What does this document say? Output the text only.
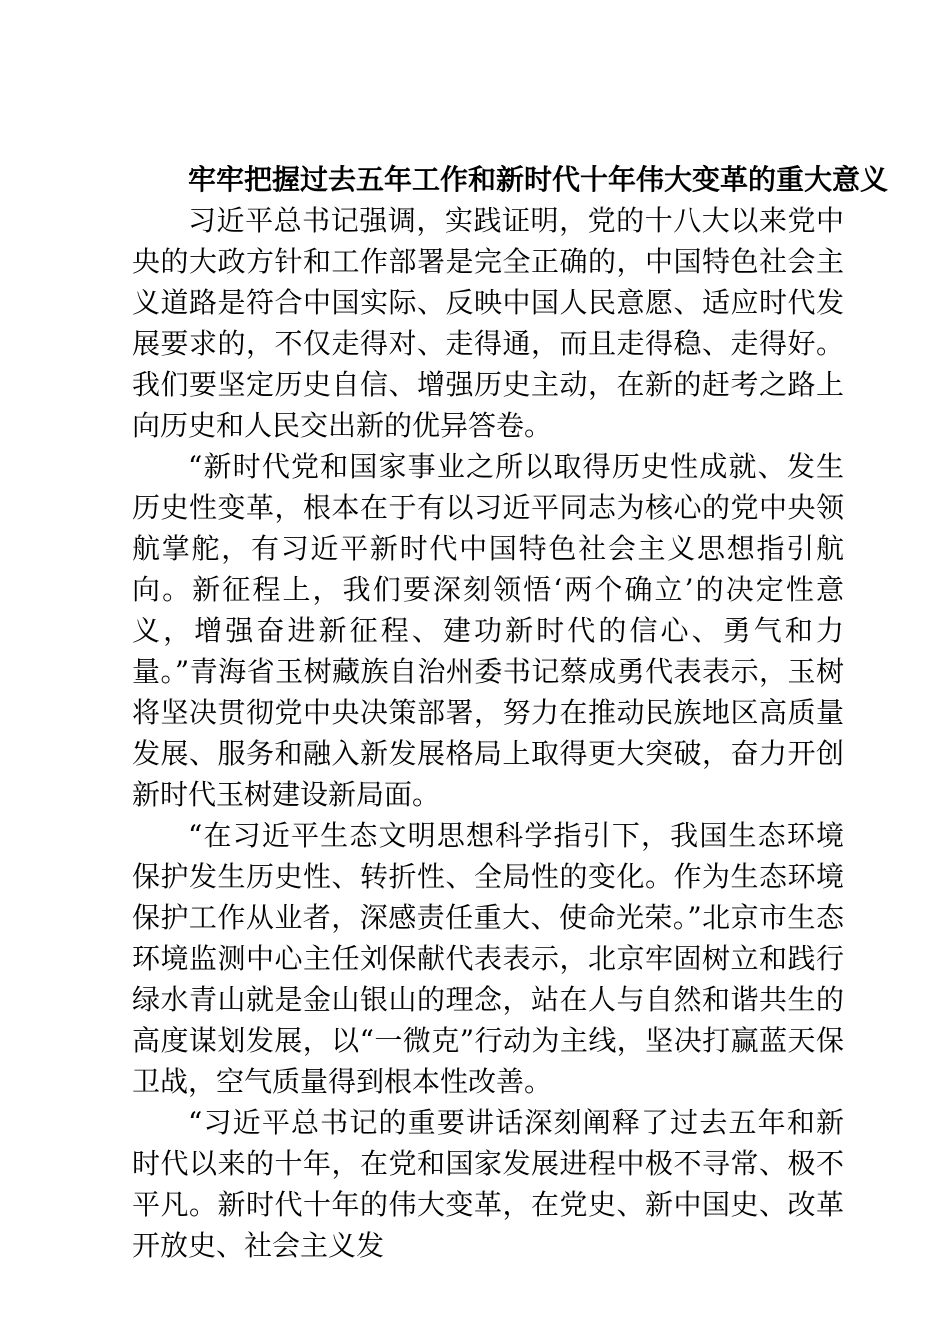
牢牢把握过去五年工作和新时代十年伟大变革的重大意义

习近平总书记强调，实践证明，党的十八大以来党中央的大政方针和工作部署是完全正确的，中国特色社会主义道路是符合中国实际、反映中国人民意愿、适应时代发展要求的，不仅走得对、走得通，而且走得稳、走得好。我们要坚定历史自信、增强历史主动，在新的赶考之路上向历史和人民交出新的优异答卷。

“新时代党和国家事业之所以取得历史性成就、发生历史性变革，根本在于有以习近平同志为核心的党中央领航掌舵，有习近平新时代中国特色社会主义思想指引航向。新征程上，我们要深刻领悟‘两个确立’的决定性意义，增强奋进新征程、建功新时代的信心、勇气和力量。”青海省玉树藏族自治州委书记蔡成勇代表表示，玉树将坚决贯彻党中央决策部署，努力在推动民族地区高质量发展、服务和融入新发展格局上取得更大突破，奋力开创新时代玉树建设新局面。

“在习近平生态文明思想科学指引下，我国生态环境保护发生历史性、转折性、全局性的变化。作为生态环境保护工作从业者，深感责任重大、使命光荣。”北京市生态环境监测中心主任刘保献代表表示，北京牢固树立和践行绿水青山就是金山银山的理念，站在人与自然和谐共生的高度谋划发展，以“一微克”行动为主线，坚决打赢蓝天保卫战，空气质量得到根本性改善。

“习近平总书记的重要讲话深刻阐释了过去五年和新时代以来的十年，在党和国家发展进程中极不寻常、极不平凡。新时代十年的伟大变革，在党史、新中国史、改革开放史、社会主义发
